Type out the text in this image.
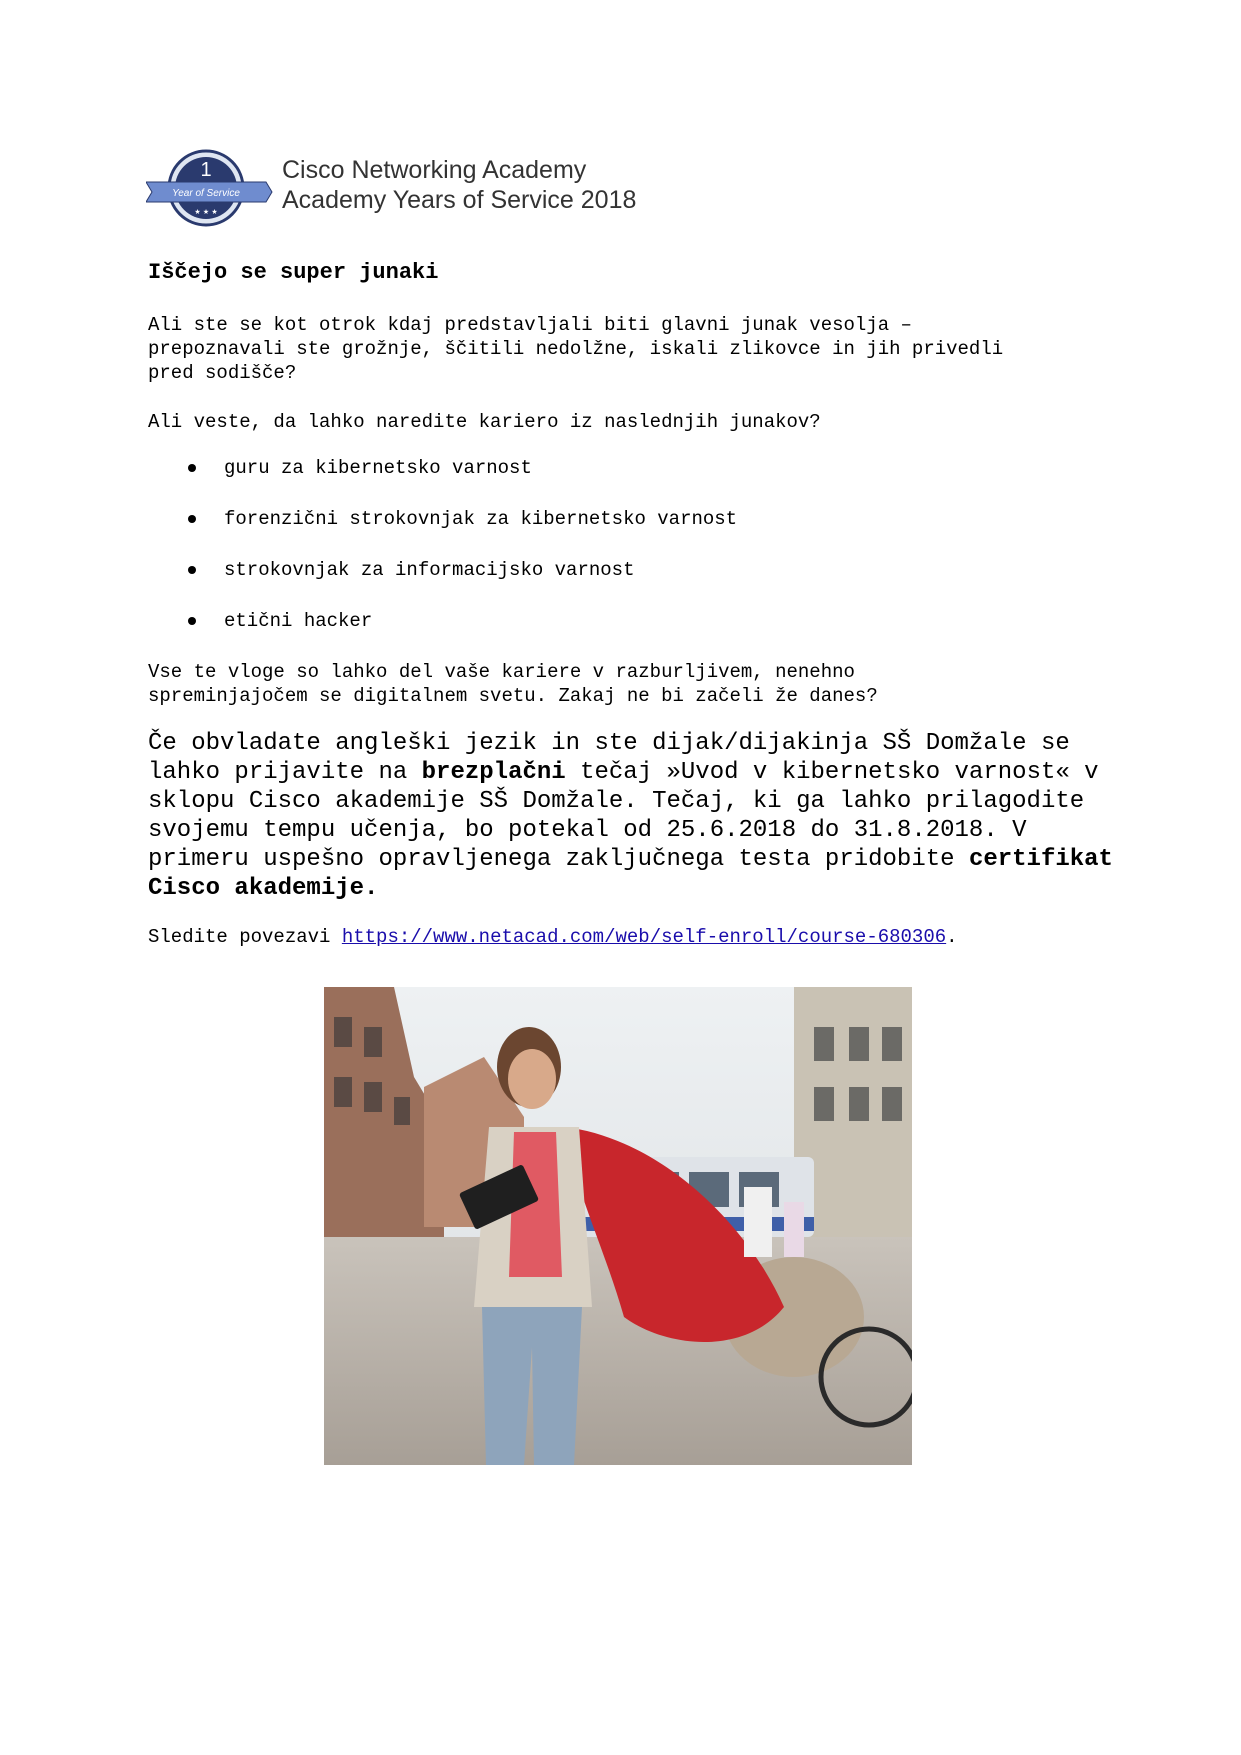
1
Year of Service
★ ★ ★
Cisco Networking Academy
Academy Years of Service 2018
Iščejo se super junaki
Ali ste se kot otrok kdaj predstavljali biti glavni junak vesolja –
prepoznavali ste grožnje, ščitili nedolžne, iskali zlikovce in jih privedli
pred sodišče?
Ali veste, da lahko naredite kariero iz naslednjih junakov?
guru za kibernetsko varnost
forenzični strokovnjak za kibernetsko varnost
strokovnjak za informacijsko varnost
etični hacker
Vse te vloge so lahko del vaše kariere v razburljivem, nenehno
spreminjajočem se digitalnem svetu. Zakaj ne bi začeli že danes?
Če obvladate angleški jezik in ste dijak/dijakinja SŠ Domžale se lahko prijavite na brezplačni tečaj »Uvod v kibernetsko varnost« v sklopu Cisco akademije SŠ Domžale. Tečaj, ki ga lahko prilagodite svojemu tempu učenja, bo potekal od 25.6.2018 do 31.8.2018. V primeru uspešno opravljenega zaključnega testa pridobite certifikat Cisco akademije.
Sledite povezavi https://www.netacad.com/web/self-enroll/course-680306.
